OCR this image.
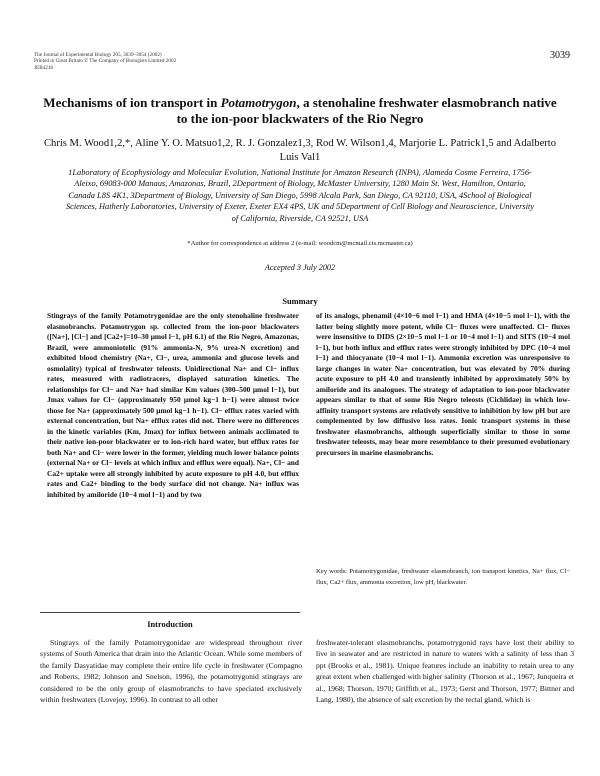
The Journal of Experimental Biology 205, 3039–3054 (2002)
Printed in Great Britain © The Company of Biologists Limited 2002
JEB4218
3039
Mechanisms of ion transport in Potamotrygon, a stenohaline freshwater elasmobranch native to the ion-poor blackwaters of the Rio Negro
Chris M. Wood1,2,*, Aline Y. O. Matsuo1,2, R. J. Gonzalez1,3, Rod W. Wilson1,4, Marjorie L. Patrick1,5 and Adalberto Luis Val1
1Laboratory of Ecophysiology and Molecular Evolution, National Institute for Amazon Research (INPA), Alameda Cosme Ferreira, 1756-Aleixo, 69083-000 Manaus, Amazonas, Brazil, 2Department of Biology, McMaster University, 1280 Main St. West, Hamilton, Ontario, Canada L8S 4K1, 3Department of Biology, University of San Diego, 5998 Alcala Park, San Diego, CA 92110, USA, 4School of Biological Sciences, Hatherly Laboratories, University of Exeter, Exeter EX4 4PS, UK and 5Department of Cell Biology and Neuroscience, University of California, Riverside, CA 92521, USA
*Author for correspondence at address 2 (e-mail: woodcm@mcmail.cis.mcmaster.ca)
Accepted 3 July 2002
Summary
Stingrays of the family Potamotrygonidae are the only stenohaline freshwater elasmobranchs. Potamotrygon sp. collected from the ion-poor blackwaters ([Na+], [Cl−] and [Ca2+]=10–30 μmol l−1, pH 6.1) of the Rio Negro, Amazonas, Brazil, were ammoniotelic (91% ammonia-N, 9% urea-N excretion) and exhibited blood chemistry (Na+, Cl−, urea, ammonia and glucose levels and osmolality) typical of freshwater teleosts. Unidirectional Na+ and Cl− influx rates, measured with radiotracers, displayed saturation kinetics. The relationships for Cl− and Na+ had similar Km values (300–500 μmol l−1), but Jmax values for Cl− (approximately 950 μmol kg−1 h−1) were almost twice those for Na+ (approximately 500 μmol kg−1 h−1). Cl− efflux rates varied with external concentration, but Na+ efflux rates did not. There were no differences in the kinetic variables (Km, Jmax) for influx between animals acclimated to their native ion-poor blackwater or to ion-rich hard water, but efflux rates for both Na+ and Cl− were lower in the former, yielding much lower balance points (external Na+ or Cl− levels at which influx and efflux were equal). Na+, Cl− and Ca2+ uptake were all strongly inhibited by acute exposure to pH 4.0, but efflux rates and Ca2+ binding to the body surface did not change. Na+ influx was inhibited by amiloride (10−4 mol l−1) and by two
of its analogs, phenamil (4×10−6 mol l−1) and HMA (4×10−5 mol l−1), with the latter being slightly more potent, while Cl− fluxes were unaffected. Cl− fluxes were insensitive to DIDS (2×10−5 mol l−1 or 10−4 mol l−1) and SITS (10−4 mol l−1), but both influx and efflux rates were strongly inhibited by DPC (10−4 mol l−1) and thiocyanate (10−4 mol l−1). Ammonia excretion was unresponsive to large changes in water Na+ concentration, but was elevated by 70% during acute exposure to pH 4.0 and transiently inhibited by approximately 50% by amiloride and its analogues. The strategy of adaptation to ion-poor blackwater appears similar to that of some Rio Negro teleosts (Cichlidae) in which low-affinity transport systems are relatively sensitive to inhibition by low pH but are complemented by low diffusive loss rates. Ionic transport systems in these freshwater elasmobranchs, although superficially similar to those in some freshwater teleosts, may bear more resemblance to their presumed evolutionary precursors in marine elasmobranchs.
Key words: Potamotrygonidae, freshwater elasmobranch, ion transport kinetics, Na+ flux, Cl− flux, Ca2+ flux, ammonia excretion, low pH, blackwater.
Introduction
Stingrays of the family Potamotrygonidae are widespread throughout river systems of South America that drain into the Atlantic Ocean. While some members of the family Dasyatidae may complete their entire life cycle in freshwater (Compagno and Roberts, 1982; Johnson and Snelson, 1996), the potamotrygonid stingrays are considered to be the only group of elasmobranchs to have speciated exclusively within freshwaters (Lovejoy, 1996). In contrast to all other
freshwater-tolerant elasmobranchs, potamotrygonid rays have lost their ability to live in seawater and are restricted in nature to waters with a salinity of less than 3 ppt (Brooks et al., 1981). Unique features include an inability to retain urea to any great extent when challenged with higher salinity (Thorson et al., 1967; Junqueira et al., 1968; Thorson, 1970; Griffith et al., 1973; Gerst and Thorson, 1977; Bittner and Lang, 1980), the absence of salt excretion by the rectal gland, which is
